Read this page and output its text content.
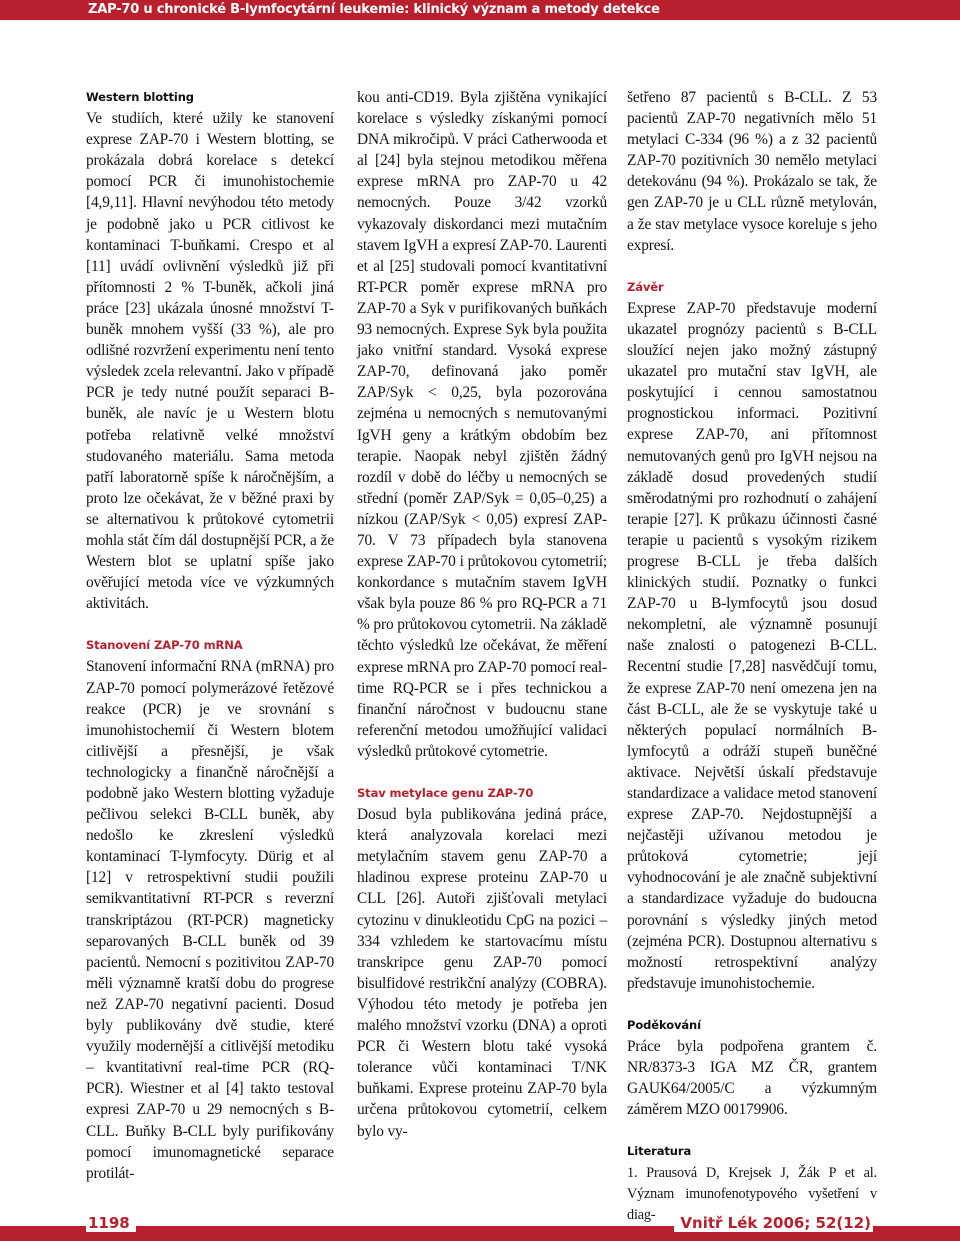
ZAP-70 u chronické B-lymfocytární leukemie: klinický význam a metody detekce
Western blotting

Ve studiích, které užily ke stanovení exprese ZAP-70 i Western blotting, se prokázala dobrá korelace s detekcí pomocí PCR či imunohistochemie [4,9,11]. Hlavní nevýhodou této metody je podobně jako u PCR citlivost ke kontaminaci T-buňkami. Crespo et al [11] uvádí ovlivnění výsledků již při přítomnosti 2 % T-buněk, ačkoli jiná práce [23] ukázala únosné množství T-buněk mnohem vyšší (33 %), ale pro odlišné rozvržení experimentu není tento výsledek zcela relevantní. Jako v případě PCR je tedy nutné použít separaci B-buněk, ale navíc je u Western blotu potřeba relativně velké množství studovaného materiálu. Sama metoda patří laboratorně spíše k náročnějším, a proto lze očekávat, že v běžné praxi by se alternativou k průtokové cytometrii mohla stát čím dál dostupnější PCR, a že Western blot se uplatní spíše jako ověřující metoda více ve výzkumných aktivitách.

Stanovení ZAP-70 mRNA

Stanovení informační RNA (mRNA) pro ZAP-70 pomocí polymerázové řetězové reakce (PCR) je ve srovnání s imunohistochemií či Western blotem citlivější a přesnější, je však technologicky a finančně náročnější a podobně jako Western blotting vyžaduje pečlivou selekci B-CLL buněk, aby nedošlo ke zkreslení výsledků kontaminací T-lymfocyty. Dürig et al [12] v retrospektivní studii použili semikvantitativní RT-PCR s reverzní transkriptázou (RT-PCR) magneticky separovaných B-CLL buněk od 39 pacientů. Nemocní s pozitivitou ZAP-70 měli významně kratší dobu do progrese než ZAP-70 negativní pacienti. Dosud byly publikovány dvě studie, které využily modernější a citlivější metodiku – kvantitativní real-time PCR (RQ-PCR). Wiestner et al [4] takto testoval expresi ZAP-70 u 29 nemocných s B-CLL. Buňky B-CLL byly purifikovány pomocí imunomagnetické separace protilát-

kou anti-CD19. Byla zjištěna vynikající korelace s výsledky získanými pomocí DNA mikročipů. V práci Catherwooda et al [24] byla stejnou metodikou měřena exprese mRNA pro ZAP-70 u 42 nemocných. Pouze 3/42 vzorků vykazovaly diskordanci mezi mutačním stavem IgVH a expresí ZAP-70. Laurenti et al [25] studovali pomocí kvantitativní RT-PCR poměr exprese mRNA pro ZAP-70 a Syk v purifikovaných buňkách 93 nemocných. Exprese Syk byla použita jako vnitřní standard. Vysoká exprese ZAP-70, definovaná jako poměr ZAP/Syk < 0,25, byla pozorována zejména u nemocných s nemutovanými IgVH geny a krátkým obdobím bez terapie. Naopak nebyl zjištěn žádný rozdíl v době do léčby u nemocných se střední (poměr ZAP/Syk = 0,05–0,25) a nízkou (ZAP/Syk < 0,05) expresí ZAP-70. V 73 případech byla stanovena exprese ZAP-70 i průtokovou cytometrií; konkordance s mutačním stavem IgVH však byla pouze 86 % pro RQ-PCR a 71 % pro průtokovou cytometrii. Na základě těchto výsledků lze očekávat, že měření exprese mRNA pro ZAP-70 pomocí real-time RQ-PCR se i přes technickou a finanční náročnost v budoucnu stane referenční metodou umožňující validaci výsledků průtokové cytometrie.

Stav metylace genu ZAP-70

Dosud byla publikována jediná práce, která analyzovala korelaci mezi metylačním stavem genu ZAP-70 a hladinou exprese proteinu ZAP-70 u CLL [26]. Autoři zjišťovali metylaci cytozinu v dinukleotidu CpG na pozici –334 vzhledem ke startovacímu místu transkripce genu ZAP-70 pomocí bisulfidové restrikční analýzy (COBRA). Výhodou této metody je potřeba jen malého množství vzorku (DNA) a oproti PCR či Western blotu také vysoká tolerance vůči kontaminaci T/NK buňkami. Exprese proteinu ZAP-70 byla určena průtokovou cytometrií, celkem bylo vy-

šetřeno 87 pacientů s B-CLL. Z 53 pacientů ZAP-70 negativních mělo 51 metylaci C-334 (96 %) a z 32 pacientů ZAP-70 pozitivních 30 nemělo metylaci detekovánu (94 %). Prokázalo se tak, že gen ZAP-70 je u CLL různě metylován, a že stav metylace vysoce koreluje s jeho expresí.

Závěr

Exprese ZAP-70 představuje moderní ukazatel prognózy pacientů s B-CLL sloužící nejen jako možný zástupný ukazatel pro mutační stav IgVH, ale poskytující i cennou samostatnou prognostickou informaci. Pozitivní exprese ZAP-70, ani přítomnost nemutovaných genů pro IgVH nejsou na základě dosud provedených studií směrodatnými pro rozhodnutí o zahájení terapie [27]. K průkazu účinnosti časné terapie u pacientů s vysokým rizikem progrese B-CLL je třeba dalších klinických studií. Poznatky o funkci ZAP-70 u B-lymfocytů jsou dosud nekompletní, ale významně posunují naše znalosti o patogenezi B-CLL. Recentní studie [7,28] nasvědčují tomu, že exprese ZAP-70 není omezena jen na část B-CLL, ale že se vyskytuje také u některých populací normálních B-lymfocytů a odráží stupeň buněčné aktivace. Největší úskalí představuje standardizace a validace metod stanovení exprese ZAP-70. Nejdostupnější a nejčastěji užívanou metodou je průtoková cytometrie; její vyhodnocování je ale značně subjektivní a standardizace vyžaduje do budoucna porovnání s výsledky jiných metod (zejména PCR). Dostupnou alternativu s možností retrospektivní analýzy představuje imunohistochemie.

Poděkování

Práce byla podpořena grantem č. NR/8373-3 IGA MZ ČR, grantem GAUK64/2005/C a výzkumným záměrem MZO 00179906.

Literatura

1. Prausová D, Krejsek J, Žák P et al. Význam imunofenotypového vyšetření v diag-

1198	Vnitř Lék 2006; 52(12)
